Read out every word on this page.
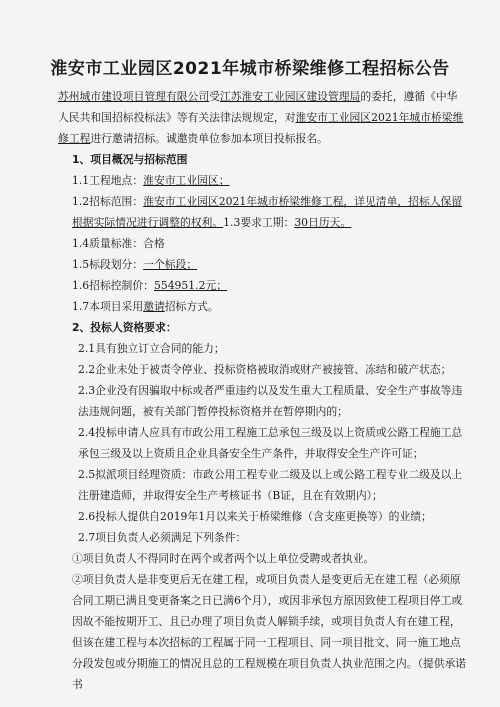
淮安市工业园区2021年城市桥梁维修工程招标公告

苏州城市建设项目管理有限公司受江苏淮安工业园区建设管理局的委托，遵循《中华人民共和国招标投标法》等有关法律法规规定，对淮安市工业园区2021年城市桥梁维修工程进行邀请招标。诚邀贵单位参加本项目投标报名。

1、项目概况与招标范围

1.1工程地点：淮安市工业园区；

1.2招标范围：淮安市工业园区2021年城市桥梁维修工程，详见清单，招标人保留根据实际情况进行调整的权利。1.3要求工期：30日历天。

1.4质量标准：合格

1.5标段划分：一个标段；

1.6招标控制价：554951.2元；

1.7本项目采用邀请招标方式。

2、投标人资格要求：

2.1具有独立订立合同的能力；

2.2企业未处于被责令停业、投标资格被取消或财产被接管、冻结和破产状态；

2.3企业没有因骗取中标或者严重违约以及发生重大工程质量、安全生产事故等违法违规问题，被有关部门暂停投标资格并在暂停期内的；

2.4投标申请人应具有市政公用工程施工总承包三级及以上资质或公路工程施工总承包三级及以上资质且企业具备安全生产条件，并取得安全生产许可证；

2.5拟派项目经理资质：市政公用工程专业二级及以上或公路工程专业二级及以上注册建造师，并取得安全生产考核证书（B证，且在有效期内）；

2.6投标人提供自2019年1月以来关于桥梁维修（含支座更换等）的业绩；

2.7项目负责人必须满足下列条件：

①项目负责人不得同时在两个或者两个以上单位受聘或者执业。

②项目负责人是非变更后无在建工程，或项目负责人是变更后无在建工程（必须原合同工期已满且变更备案之日已满6个月），或因非承包方原因致使工程项目停工或因故不能按期开工、且已办理了项目负责人解锁手续，或项目负责人有在建工程，但该在建工程与本次招标的工程属于同一工程项目、同一项目批文、同一施工地点分段发包或分期施工的情况且总的工程规模在项目负责人执业范围之内。（提供承诺书
